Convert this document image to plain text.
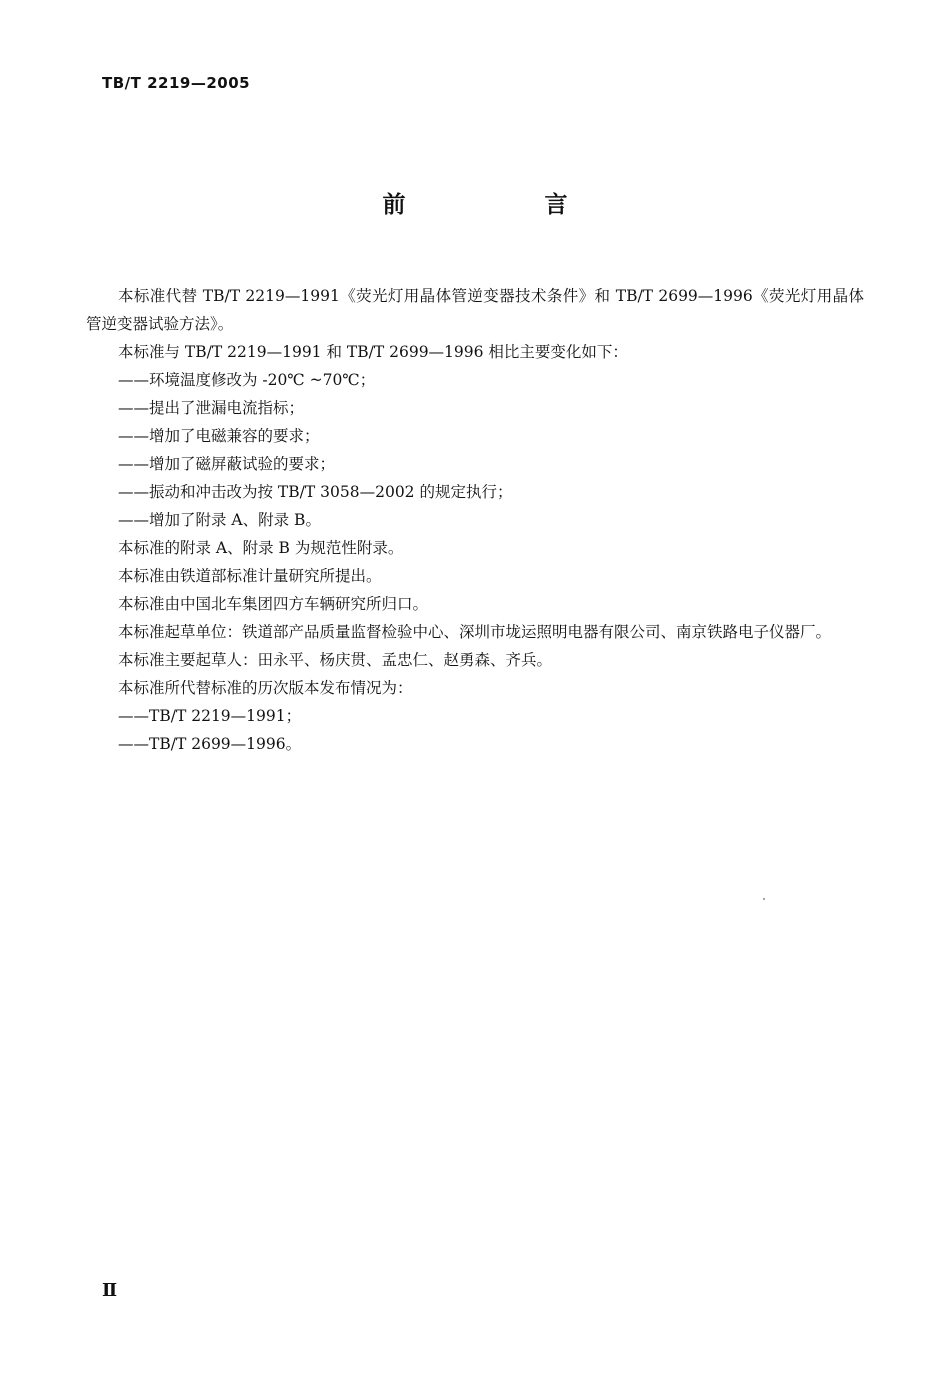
TB/T 2219—2005
前　言

本标准代替 TB/T 2219—1991《荧光灯用晶体管逆变器技术条件》和 TB/T 2699—1996《荧光灯用晶体管逆变器试验方法》。

本标准与 TB/T 2219—1991 和 TB/T 2699—1996 相比主要变化如下：

——环境温度修改为 -20℃ ~70℃；

——提出了泄漏电流指标；

——增加了电磁兼容的要求；

——增加了磁屏蔽试验的要求；

——振动和冲击改为按 TB/T 3058—2002 的规定执行；

——增加了附录 A、附录 B。

本标准的附录 A、附录 B 为规范性附录。

本标准由铁道部标准计量研究所提出。

本标准由中国北车集团四方车辆研究所归口。

本标准起草单位：铁道部产品质量监督检验中心、深圳市垅运照明电器有限公司、南京铁路电子仪器厂。

本标准主要起草人：田永平、杨庆贯、孟忠仁、赵勇森、齐兵。

本标准所代替标准的历次版本发布情况为：

——TB/T 2219—1991；

——TB/T 2699—1996。

Ⅱ
